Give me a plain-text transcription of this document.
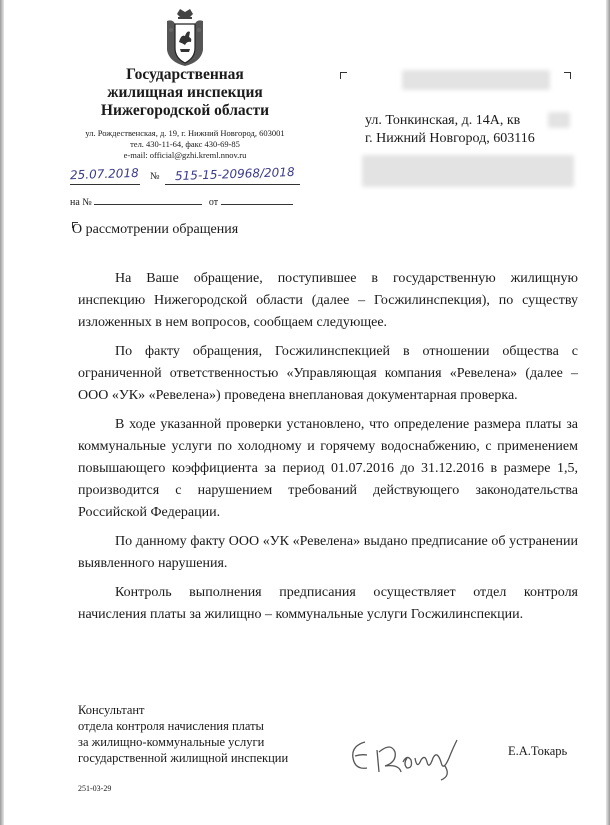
Государственная
жилищная инспекция
Нижегородской области
ул. Рождественская, д. 19, г. Нижний Новгород, 603001
тел. 430-11-64, факс 430-69-85
e-mail: official@gzhi.kreml.nnov.ru
25.07.2018 № 515-15-20968/2018
на №	от
ул. Тонкинская, д. 14А, кв
г. Нижний Новгород, 603116
О рассмотрении обращения

На Ваше обращение, поступившее в государственную жилищную инспекцию Нижегородской области (далее – Госжилинспекция), по существу изложенных в нем вопросов, сообщаем следующее.

По факту обращения, Госжилинспекцией в отношении общества с ограниченной ответственностью «Управляющая компания «Ревелена» (далее – ООО «УК» «Ревелена») проведена внеплановая документарная проверка.

В ходе указанной проверки установлено, что определение размера платы за коммунальные услуги по холодному и горячему водоснабжению, с применением повышающего коэффициента за период 01.07.2016 до 31.12.2016 в размере 1,5, производится с нарушением требований действующего законодательства Российской Федерации.

По данному факту ООО «УК «Ревелена» выдано предписание об устранении выявленного нарушения.

Контроль выполнения предписания осуществляет отдел контроля начисления платы за жилищно – коммунальные услуги Госжилинспекции.

Консультант
отдела контроля начисления платы
за жилищно-коммунальные услуги
государственной жилищной инспекции	Е.А.Токарь
251-03-29
